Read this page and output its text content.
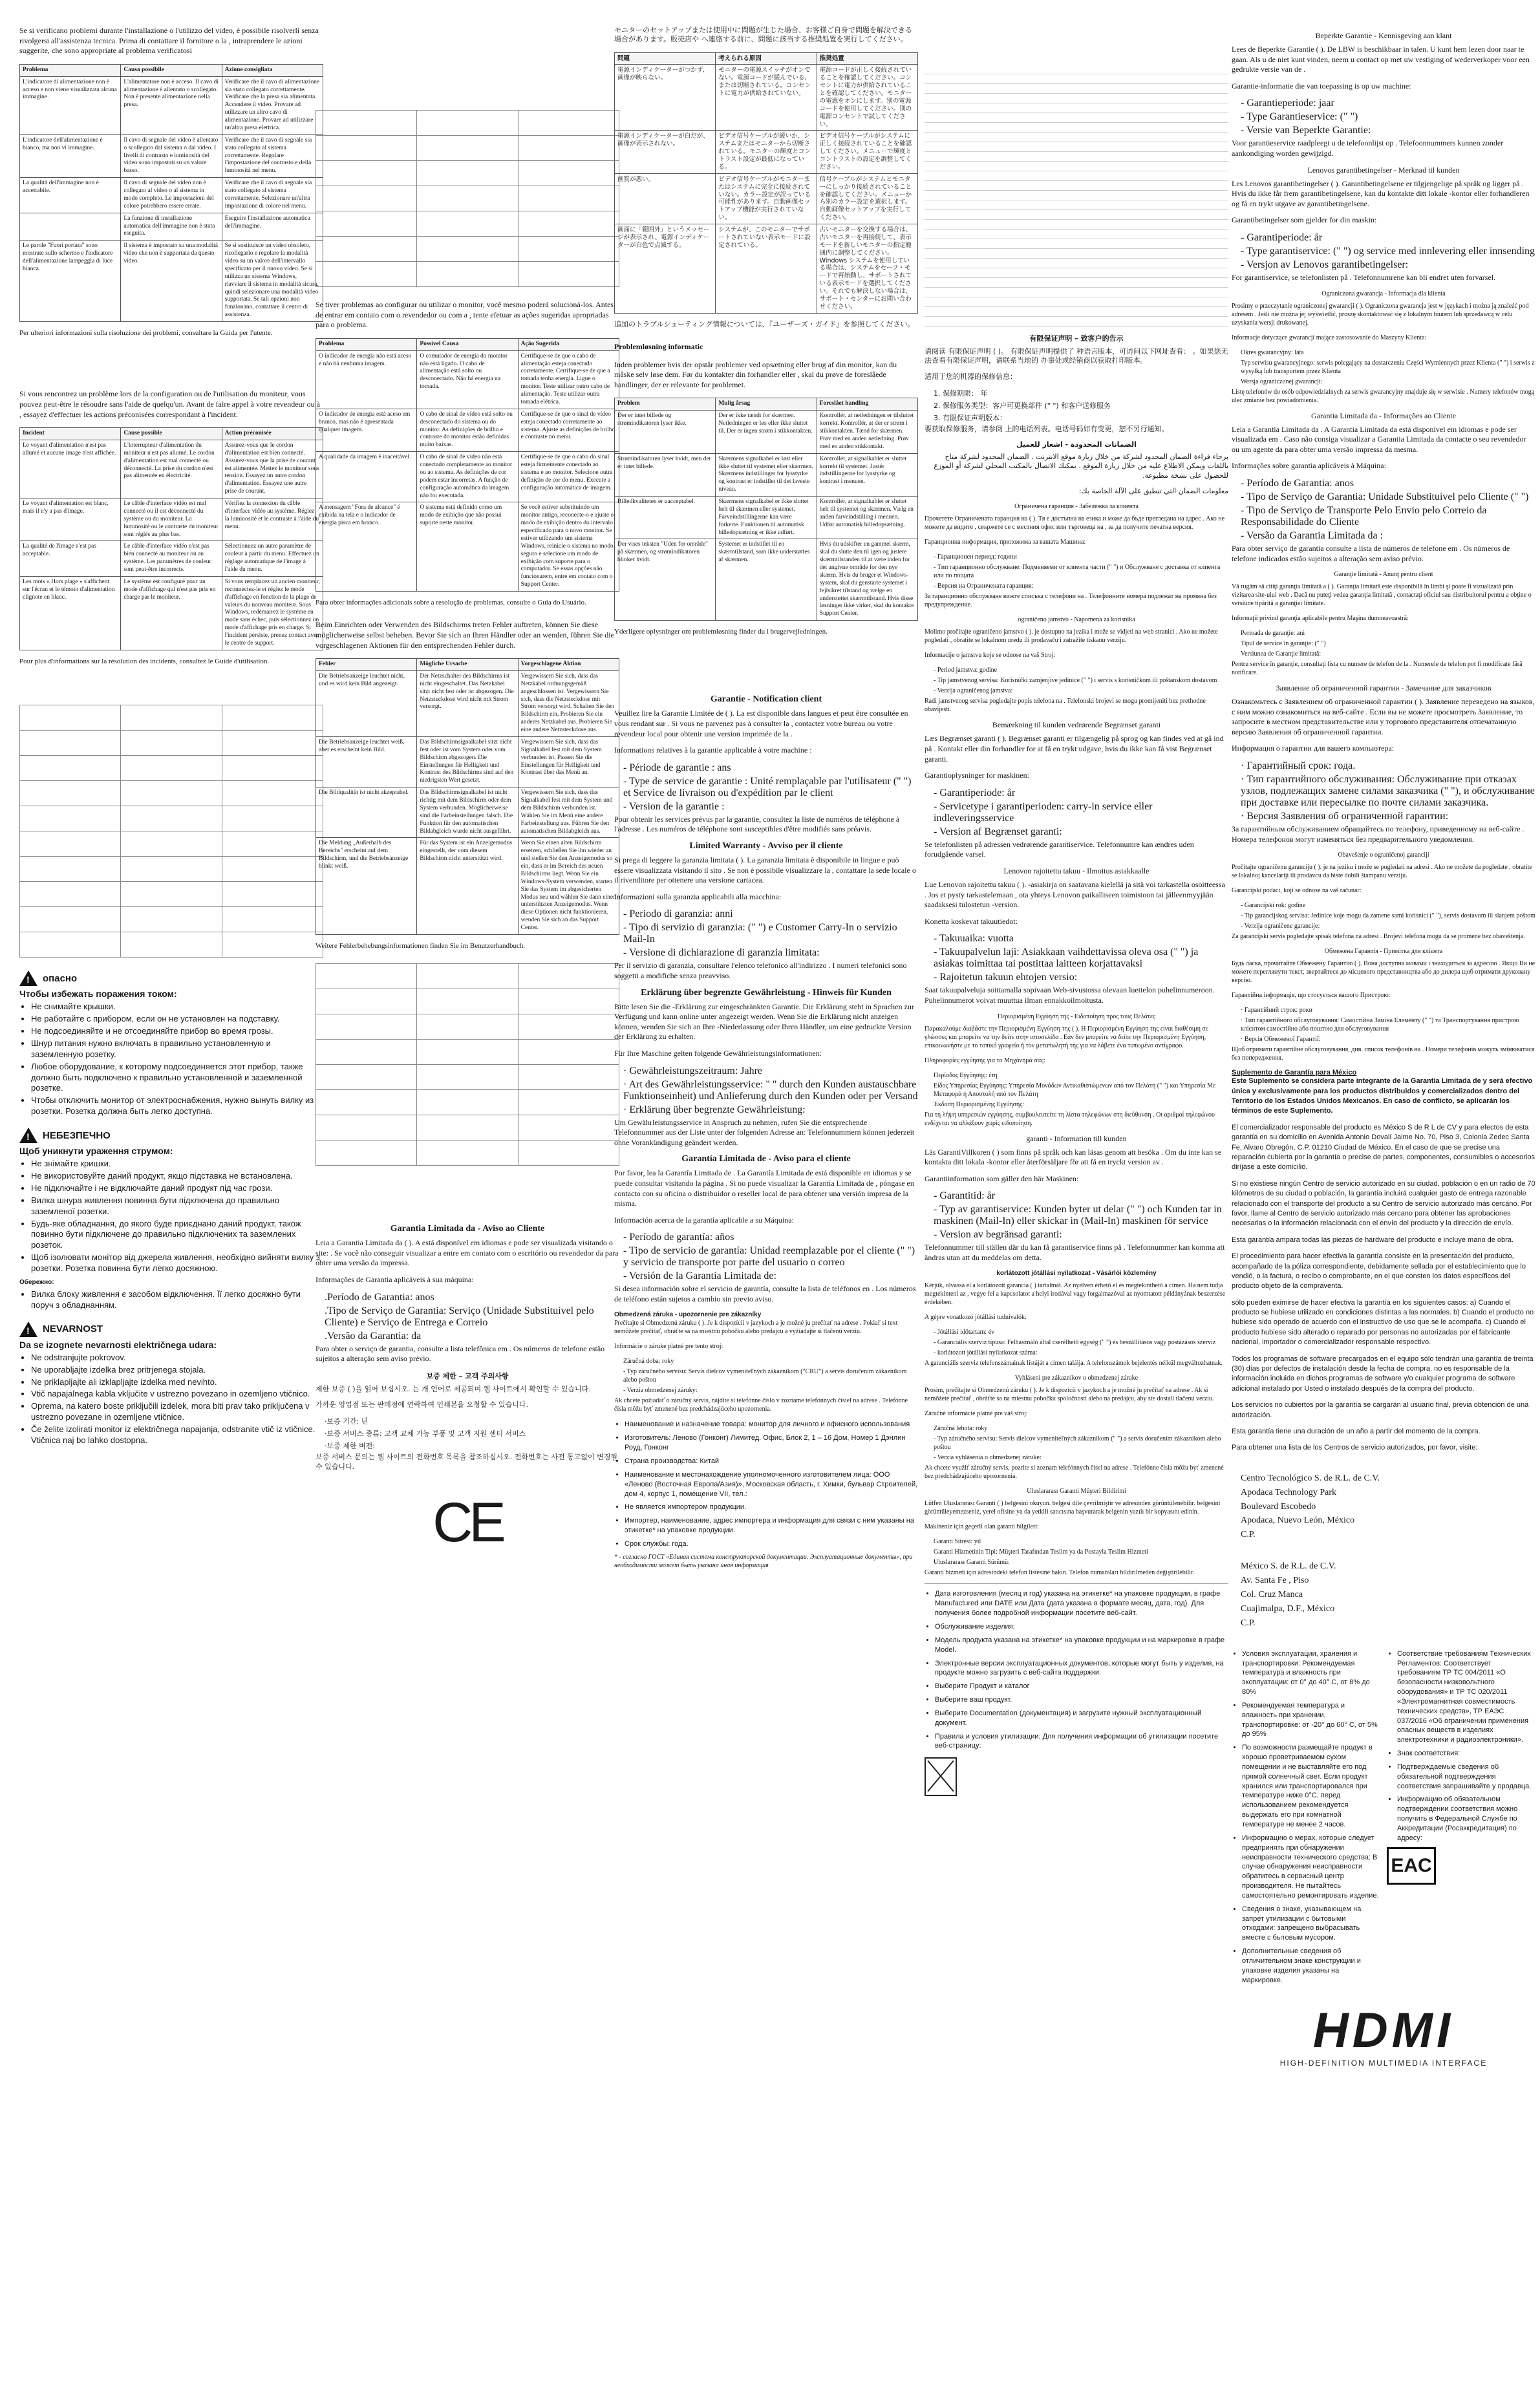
Se si verificano problemi durante l'installazione o l'utilizzo del video, è possibile risolverli senza rivolgersi all'assistenza tecnica. Prima di contattare il fornitore o la , intraprendere le azioni suggerite, che sono appropriate al problema verificatosi

Problema	Causa possibile	Azione consigliata
L'indicatore di alimentazione non è acceso e non viene visualizzata alcuna immagine.	L'alimentatore non è acceso. Il cavo di alimentazione è allentato o scollegato. Non è presente alimentazione nella presa.	Verificare che il cavo di alimentazione sia stato collegato correttamente. Verificare che la presa sia alimentata. Accendere il video. Provare ad utilizzare un altro cavo di alimentazione. Provare ad utilizzare un'altra presa elettrica.
L'indicatore dell'alimentazione è bianco, ma non vi immagine.	Il cavo di segnale del video è allentato o scollegato dal sistema o dal video. I livelli di contrasto e luminosità del video sono impostati su un valore basso.	Verificare che il cavo di segnale sia stato collegato al sistema correttamente. Regolare l'impostazione del contrasto e della luminosità nel menu.
La qualità dell'immagine non è accettabile.	Il cavo di segnale del video non è collegato al video o al sistema in modo completo. Le impostazioni del colore potrebbero essere errate.	Verificare che il cavo di segnale sia stato collegato al sistema correttamente. Selezionare un'altra impostazione di colore nel menu.
	La funzione di installazione automatica dell'immagine non è stata eseguita.	Eseguire l'installazione automatica dell'immagine.
Le parole "Fuori portata" sono mostrate sullo schermo e l'indicatore dell'alimentazione lampeggia di luce bianca.	Il sistema è impostato su una modalità video che non è supportata da questo video.	Se si sostituisce un video obsoleto, ricollegarlo e regolare la modalità video su un valore dell'intervallo specificato per il nuovo video. Se si utilizza un sistema Windows, riavviare il sistema in modalità sicura, quindi selezionare una modalità video supportata. Se tali opzioni non funzionano, contattare il centro di assistenza.

Per ulteriori informazioni sulla risoluzione dei problemi, consultare la Guida per l'utente.

Si vous rencontrez un problème lors de la configuration ou de l'utilisation du moniteur, vous pouvez peut-être le résoudre sans l'aide de quelqu'un. Avant de faire appel à votre revendeur ou à , essayez d'effectuer les actions préconisées correspondant à l'incident.

Incident	Cause possible	Action préconisée
Le voyant d'alimentation n'est pas allumé et aucune image n'est affichée.	L'interrupteur d'alimentation du moniteur n'est pas allumé. Le cordon d'alimentation est mal connecté ou déconnecté. La prise du cordon n'est pas alimentée en électricité.	Assurez-vous que le cordon d'alimentation est bien connecté. Assurez-vous que la prise de courant est alimentée. Mettez le moniteur sous tension. Essayez un autre cordon d'alimentation. Essayez une autre prise de courant.
Le voyant d'alimentation est blanc, mais il n'y a pas d'image.	Le câble d'interface vidéo est mal connecté ou il est déconnecté du système ou du moniteur. La luminosité ou le contraste du moniteur sont réglés au plus bas.	Vérifiez la connexion du câble d'interface vidéo au système. Réglez la luminosité et le contraste à l'aide du menu.
La qualité de l'image n'est pas acceptable.	Le câble d'interface vidéo n'est pas bien connecté au moniteur ou au système. Les paramètres de couleur sont peut-être incorrects.	Sélectionnez un autre paramètre de couleur à partir du menu. Effectuez un réglage automatique de l'image à l'aide du menu.
Les mots « Hors plage » s'affichent sur l'écran et le témoin d'alimentation clignote en blanc.	Le système est configuré pour un mode d'affichage qui n'est pas pris en charge par le moniteur.	Si vous remplacez un ancien moniteur, reconnectez-le et réglez le mode d'affichage en fonction de la plage de valeurs du nouveau moniteur. Sous Windows, redémarrez le système en mode sans échec, puis sélectionnez un mode d'affichage pris en charge. Si l'incident persiste, prenez contact avec le centre de support.

Pour plus d'informations sur la résolution des incidents, consultez le Guide d'utilisation.

! опасно
Чтобы избежать поражения током:
• Не снимайте крышки.
• Не работайте с прибором, если он не установлен на подставку.
• Не подсоединяйте и не отсоединяйте прибор во время грозы.
• Шнур питания нужно включать в правильно установленную и заземленную розетку.
• Любое оборудование, к которому подсоединяется этот прибор, также должно быть подключено к правильно установленной и заземленной розетке.
• Чтобы отключить монитор от электроснабжения, нужно вынуть вилку из розетки. Розетка должна быть легко доступна.
! НЕБЕЗПЕЧНО
Щоб уникнути ураження струмом:
• Не знімайте кришки.
• Не використовуйте даний продукт, якщо підставка не встановлена.
• Не підключайте і не відключайте даний продукт під час грози.
• Вилка шнура живлення повинна бути підключена до правильно заземленої розетки.
• Будь-яке обладнання, до якого буде приєднано даний продукт, також повинно бути підключене до правильно підключених та заземлених розеток.
• Щоб ізолювати монітор від джерела живлення, необхідно вийняти вилку з розетки. Розетка повинна бути легко досяжною.
Обережно:
• Вилка блоку живлення є засобом відключення. Її легко досяжно бути поруч з обладнанням.
! NEVARNOST
Da se izognete nevarnosti električnega udara:
• Ne odstranjujte pokrovov.
• Ne uporabljajte izdelka brez pritrjenega stojala.
• Ne priklapljajte ali izklapljajte izdelka med nevihto.
• Vtič napajalnega kabla vključite v ustrezno povezano in ozemljeno vtičnico.
• Oprema, na katero boste priključili izdelek, mora biti prav tako priključena v ustrezno povezane in ozemljene vtičnice.
• Če želite izolirati monitor iz električnega napajanja, odstranite vtič iz vtičnice. Vtičnica naj bo lahko dostopna.

Se tiver problemas ao configurar ou utilizar o monitor, você mesmo poderá solucioná-los. Antes de entrar em contato com o revendedor ou com a , tente efetuar as ações sugeridas apropriadas para o problema.

Problema	Possível Causa	Ação Sugerida
O indicador de energia não está aceso e não há nenhuma imagem.	O comutador de energia do monitor não está ligado. O cabo de alimentação está solto ou desconectado. Não há energia na tomada.	Certifique-se de que o cabo de alimentação esteja conectado corretamente. Certifique-se de que a tomada tenha energia. Ligue o monitor. Teste utilizar outro cabo de alimentação. Teste utilizar outra tomada elétrica.
O indicador de energia está aceso em branco, mas não é apresentada qualquer imagem.	O cabo de sinal de vídeo está solto ou desconectado do sistema ou do monitor. As definições de brilho e contraste do monitor estão definidas muito baixas.	Certifique-se de que o sinal de vídeo esteja conectado corretamente ao sistema. Ajuste as definições de brilho e contraste no menu.
A qualidade da imagem é inaceitável.	O cabo de sinal de vídeo não está conectado completamente ao monitor ou ao sistema. As definições de cor podem estar incorretas. A função de configuração automática da imagem não foi executada.	Certifique-se de que o cabo do sinal esteja firmemente conectado ao sistema e ao monitor. Selecione outra definição de cor do menu. Execute a configuração automática de imagem.
A mensagem "Fora de alcance" é exibida na tela e o indicador de energia pisca em branco.	O sistema está definido como um modo de exibição que não possui suporte neste monitor.	Se você estiver substituindo um monitor antigo, reconecte-o e ajuste o modo de exibição dentro do intervalo especificado para o novo monitor. Se estiver utilizando um sistema Windows, reinicie o sistema no modo seguro e selecione um modo de exibição com suporte para o computador. Se essas opções não funcionarem, entre em contato com o Support Center.

Para obter informações adicionais sobre a resolução de problemas, consulte o Guia do Usuário.

Beim Einrichten oder Verwenden des Bildschirms treten Fehler auftreten, können Sie diese möglicherweise selbst beheben. Bevor Sie sich an Ihren Händler oder an wenden, führen Sie die vorgeschlagenen Aktionen für den entsprechenden Fehler durch.

Fehler	Mögliche Ursache	Vorgeschlagene Aktion
Die Betriebsanzeige leuchtet nicht, und es wird kein Bild angezeigt.	Der Netzschalter des Bildschirms ist nicht eingeschaltet. Das Netzkabel sitzt nicht fest oder ist abgezogen. Die Netzsteckdose wird nicht mit Strom versorgt.	Vergewissern Sie sich, dass das Netzkabel ordnungsgemäß angeschlossen ist. Vergewissern Sie sich, dass die Netzsteckdose mit Strom versorgt wird. Schalten Sie den Bildschirm ein. Probieren Sie ein anderes Netzkabel aus. Probieren Sie eine andere Netzsteckdose aus.
Die Betriebsanzeige leuchtet weiß, aber es erscheint kein Bild.	Das Bildschirmsignalkabel sitzt nicht fest oder ist vom System oder vom Bildschirm abgezogen. Die Einstellungen für Helligkeit und Kontrast des Bildschirms sind auf den niedrigsten Wert gesetzt.	Vergewissern Sie sich, dass das Signalkabel fest mit dem System verbunden ist. Passen Sie die Einstellungen für Helligkeit und Kontrast über das Menü an.
Die Bildqualität ist nicht akzeptabel.	Das Bildschirmsignalkabel ist nicht richtig mit dem Bildschirm oder dem System verbunden. Möglicherweise sind die Farbeinstellungen falsch. Die Funktion für den automatischen Bildabgleich wurde nicht ausgeführt.	Vergewissern Sie sich, dass das Signalkabel fest mit dem System und dem Bildschirm verbunden ist. Wählen Sie im Menü eine andere Farbeinstellung aus. Führen Sie den automatischen Bildabgleich aus.
Die Meldung „Außerhalb des Bereichs" erscheint auf dem Bildschirm, und die Betriebsanzeige blinkt weiß.	Für das System ist ein Anzeigemodus eingestellt, der vom diesem Bildschirm nicht unterstützt wird.	Wenn Sie einen alten Bildschirm ersetzen, schließen Sie ihn wieder an und stellen Sie den Anzeigemodus so ein, dass er im Bereich des neuen Bildschirms liegt. Wenn Sie ein Windows-System verwenden, starten Sie das System im abgesicherten Modus neu und wählen Sie dann einen unterstützten Anzeigemodus. Wenn diese Optionen nicht funktionieren, wenden Sie sich an das Support Center.

Weitere Fehlerbehebungsinformationen finden Sie im Benutzerhandbuch.

Garantia Limitada da - Aviso ao Cliente

Leia a Garantia Limitada da ( ). A está disponível em idiomas e pode ser visualizada visitando o site: . Se você não conseguir visualizar a entre em contato com o escritório ou revendedor da para obter uma versão da impressa.

Informações de Garantia aplicáveis à sua máquina:

.Período de Garantia: anos
.Tipo de Serviço de Garantia: Serviço (Unidade Substituível pelo Cliente) e Serviço de Entrega e Correio
.Versão da Garantia: da

Para obter o serviço de garantia, consulte a lista telefônica em . Os números de telefone estão sujeitos a alteração sem aviso prévio.

보증 제한 – 고객 주의사항

제한 보증 ( )을 읽어 보십시오. 는 개 언어로 제공되며 웹 사이트에서 확인할 수 있습니다.

가까운 영업점 또는 판매점에 연락하여 인쇄본을 요청할 수 있습니다.

·보증 기간: 년
·보증 서비스 종류: 고객 교체 가능 부품 및 고객 지원 센터 서비스
·보증 제한 버전:

보증 서비스 문의는 웹 사이트의 전화번호 목록을 참조하십시오. 전화번호는 사전 통고없이 변경될 수 있습니다.

CE

モニターのセットアップまたは使用中に問題が生じた場合、お客様ご自身で問題を解決できる場合があります。販売店や へ連絡する前に、問題に該当する推奨処置を実行してください。

問題	考えられる原因	推奨処置
電源インディケーターがつかず、画像が映らない。	モニターの電源スイッチがオンでない。電源コードが緩んでいる、または切断されている。コンセントに電力が供給されていない。	電源コードが正しく接続されていることを確認してください。コンセントに電力が供給されていることを確認してください。モニターの電源をオンにします。別の電源コードを使用してください。別の電源コンセントで試してください。
電源インディケーターが白だが、画像が表示されない。	ビデオ信号ケーブルが緩いか、システムまたはモニターから切断されている。モニターの輝度とコントラスト設定が最低になっている。	ビデオ信号ケーブルがシステムに正しく接続されていることを確認してください。メニューで輝度とコントラストの設定を調整してください。
画質が悪い。	ビデオ信号ケーブルがモニターまたはシステムに完全に接続されていない。カラー設定が誤っている可能性があります。自動画像セットアップ機能が実行されていない。	信号ケーブルがシステムとモニターにしっかり接続されていることを確認してください。メニューから別のカラー設定を選択します。自動画像セットアップを実行してください。
画面に「範囲外」というメッセージが表示され、電源インディケーターが白色で点滅する。	システムが、このモニターでサポートされていない表示モードに設定されている。	古いモニターを交換する場合は、古いモニターを再接続して、表示モードを新しいモニターの指定範囲内に調整してください。Windows システムを使用している場合は、システムをセーフ・モードで再始動し、サポートされている表示モードを選択してください。それでも解決しない場合は、サポート・センターにお問い合わせください。

追加のトラブルシューティング情報については、『ユーザーズ・ガイド』を参照してください。

Problemløsning informatic

Inden problemer hvis der opstår problemer ved opsætning eller brug af din monitor, kan du måske selv løse dem. Før du kontakter din forhandler eller , skal du prøve de foreslåede handlinger, der er relevante for problemet.

Problem	Mulig årsag	Foreslået handling
Der er intet billede og strømindikatoren lyser ikke.	Der er ikke tændt for skærmen. Netledningen er løs eller ikke sluttet til. Der er ingen strøm i stikkontakten.	Kontrollér, at netledningen er tilsluttet korrekt. Kontrollér, at der er strøm i stikkontakten. Tænd for skærmen. Prøv med en anden netledning. Prøv med en anden stikkontakt.
Strømindikatoren lyser hvidt, men der er intet billede.	Skærmens signalkabel er løst eller ikke sluttet til systemet eller skærmen. Skærmens indstillinger for lysstyrke og kontrast er indstillet til det laveste niveau.	Kontrollér, at signalkablet er sluttet korrekt til systemet. Justér indstillingerne for lysstyrke og kontrast i menuen.
Billedkvaliteten er uacceptabel.	Skærmens signalkabel er ikke sluttet helt til skærmen eller systemet. Farveindstillingerne kan være forkerte. Funktionen til automatisk billedopsætning er ikke udført.	Kontrollér, at signalkablet er sluttet helt til systemet og skærmen. Vælg en anden farveindstilling i menuen. Udfør automatisk billedopsætning.
Der vises teksten "Uden for område" på skærmen, og strømindikatoren blinker hvidt.	Systemet er indstillet til en skærmtilstand, som ikke understøttes af skærmen.	Hvis du udskifter en gammel skærm, skal du slutte den til igen og justere skærmtilstanden til at være inden for det angivne område for den nye skærm. Hvis du bruger et Windows-system, skal du genstarte systemet i fejlsikret tilstand og vælge en understøttet skærmtilstand. Hvis disse løsninger ikke virker, skal du kontakte Support Center.

Yderligere oplysninger om problemløsning finder du i brugervejledningen.

Garantie - Notification client

Veuillez lire la Garantie Limitée de ( ). La est disponible dans langues et peut être consultée en vous rendant sur . Si vous ne parvenez pas à consulter la , contactez votre bureau ou votre revendeur local pour obtenir une version imprimée de la .

Informations relatives à la garantie applicable à votre machine :

- Période de garantie : ans
- Type de service de garantie : Unité remplaçable par l'utilisateur (" ") et Service de livraison ou d'expédition par le client
- Version de la garantie :

Pour obtenir les services prévus par la garantie, consultez la liste de numéros de téléphone à l'adresse . Les numéros de téléphone sont susceptibles d'être modifiés sans préavis.

Limited Warranty - Avviso per il cliente

Si prega di leggere la garanzia limitata ( ). La garanzia limitata è disponibile in lingue e può essere visualizzata visitando il sito . Se non è possibile visualizzare la , contattare la sede locale o il rivenditore per ottenere una versione cartacea.

Informazioni sulla garanzia applicabili alla macchina:

- Periodo di garanzia: anni
- Tipo di servizio di garanzia: (" ") e Customer Carry-In o servizio Mail-In
- Versione di dichiarazione di garanzia limitata:

Per il servizio di garanzia, consultare l'elenco telefonico all'indirizzo . I numeri telefonici sono soggetti a modifiche senza preavviso.

Erklärung über begrenzte Gewährleistung - Hinweis für Kunden

Bitte lesen Sie die -Erklärung zur eingeschränkten Garantie. Die Erklärung steht in Sprachen zur Verfügung und kann online unter angezeigt werden. Wenn Sie die Erklärung nicht anzeigen können, wenden Sie sich an Ihre -Niederlassung oder Ihren Händler, um eine gedruckte Version der Erklärung zu erhalten.

Für Ihre Maschine gelten folgende Gewährleistungsinformationen:

· Gewährleistungszeitraum: Jahre
· Art des Gewährleistungsservice: " " durch den Kunden austauschbare Funktionseinheit) und Anlieferung durch den Kunden oder per Versand
· Erklärung über begrenzte Gewährleistung:

Um Gewährleistungsservice in Anspruch zu nehmen, rufen Sie die entsprechende Telefonnummer aus der Liste unter der folgenden Adresse an: Telefonnummern können jederzeit ohne Vorankündigung geändert werden.

Garantía Limitada de - Aviso para el cliente

Por favor, lea la Garantía Limitada de . La Garantía Limitada de está disponible en idiomas y se puede consultar visitando la página . Si no puede visualizar la Garantía Limitada de , póngase en contacto con su oficina o distribuidor o reseller local de para obtener una versión impresa de la misma.

Información acerca de la garantía aplicable a su Máquina:

- Período de garantía: años
- Tipo de servicio de garantía: Unidad reemplazable por el cliente (" ") y servicio de transporte por parte del usuario o correo
- Versión de la Garantía Limitada de:

Si desea información sobre el servicio de garantía, consulte la lista de teléfonos en . Los números de teléfono están sujetos a cambio sin previo aviso.

Obmedzená záruka - upozornenie pre zákazníky

Prečítajte si Obmedzenú záruku ( ). Je k dispozícii v jazykoch a je možné ju prečítať na adrese . Pokiaľ si text nemôžete prečítať, obráťte sa na miestnu pobočku alebo predajcu a vyžiadajte si tlačenú verziu.

Informácie o záruke platné pre tento stroj:

Záručná doba: roky
- Typ záručného servisu: Servis dielcov vymeniteľných zákazníkom ("CRU") a servis doručením zákazníkom alebo poštou
- Verzia obmedzenej záruky:

Ak chcete požiadať o záručný servis, nájdite si telefónne číslo v zozname telefónnych čísiel na adrese . Telefónne čísla môžu byť zmenené bez predchádzajúceho upozornenia.

• Наименование и назначение товара: монитор для личного и офисного использования
• Изготовитель: Леново (Гонконг) Лимитед. Офис, Блок 2, 1 – 16 Дом, Номер 1 Дэнлин Роуд, Гонконг
• Страна производства: Китай
• Наименование и местонахождение уполномоченного изготовителем лица: ООО «Леново (Восточная Европа/Азия)», Московская область, г. Химки, бульвар Строителей, дом 4, корпус 1, помещение VII, тел.:
• Не является импортером продукции.
• Импортер, наименование, адрес импортера и информация для связи с ним указаны на этикетке* на упаковке продукции.
• Срок службы: года.

* - согласно ГОСТ «Единая система конструкторской документации. Эксплуатационные документы», при необходимости может быть указана иная информация

有限保证声明 – 致客户的告示

请阅读 有限保证声明 ( )。 有限保证声明提供了 种语言版本，可访问以下网址查看： 。如果您无法查看有限保证声明，请联系当地的 办事处或经销商以获取打印版本。

适用于您的机器的保修信息：

1. 保修期限： 年
2. 保修服务类型：客户可更换部件 (" ") 和客户送修服务
3. 有限保证声明版本：

要获取保修服务，请参阅 上的电话列表。电话号码如有变更，恕不另行通知。

الضمانات المحدودة - اشعار للعميل

برجاء قراءة الضمان المحدود لشركة من خلال زيارة موقع الانترنت . الضمان المحدود لشركة متاح باللغات ويمكن الاطلاع عليه من خلال زيارة الموقع . يمكنك الاتصال بالمكتب المحلي لشركة أو الموزع للحصول على نسخة مطبوعة.

معلومات الضمان التي تنطبق على الآلة الخاصة بك:

Ограничена гаранция - Забележка за клиента

Прочетете Ограничената гаранция на ( ). Тя е достъпна на езика и може да бъде прегледана на адрес . Ако не можете да видите , свържете се с местния офис или търговеца на , за да получите печатна версия.

Гаранционна информация, приложима за вашата Машина:

- Гаранционен период: години
- Тип гаранционно обслужване: Подменяеми от клиента части (" ") и Обслужване с доставка от клиента или по пощата
- Версия на Ограничената гаранция:

За гаранционно обслужване вижте списъка с телефони на . Телефонните номера подлежат на промяна без предупреждение.

ograničeno jamstvo - Napomena za korisnika

Molimo pročitajte ograničeno jamstvo ( ). je dostupno na jezika i može se vidjeti na web stranici . Ako ne možete pogledati , obratite se lokalnom uredu ili prodavaču i zatražite tiskanu verziju.

Informacije o jamstvu koje se odnose na vaš Stroj:

- Period jamstva: godine
- Tip jamstvenog servisa: Korisnički zamjenjive jedinice (" ") i servis s korisničkom ili poštanskom dostavom
- Verzija ograničenog jamstva:

Radi jamstvenog servisa pogledajte popis telefona na . Telefonski brojevi se mogu promijeniti bez prethodne obavijesti.

Bemærkning til kunden vedrørende Begrænset garanti

Læs Begrænset garanti ( ). Begrænset garanti er tilgængelig på sprog og kan findes ved at gå ind på . Kontakt eller din forhandler for at få en trykt udgave, hvis du ikke kan få vist Begrænset garanti.

Garantioplysninger for maskinen:

- Garantiperiode: år
- Servicetype i garantiperioden: carry-in service eller indleveringsservice
- Version af Begrænset garanti:

Se telefonlisten på adressen vedrørende garantiservice. Telefonnumre kan ændres uden forudgående varsel.

Lenovon rajoitettu takuu - Ilmoitus asiakkaalle

Lue Lenovon rajoitettu takuu ( ). -asiakirja on saatavana kielellä ja sitä voi tarkastella osoitteessa . Jos et pysty tarkastelemaan , ota yhteys Lenovon paikalliseen toimistoon tai jälleenmyyjään saadaksesi tulostetun -version.

Konetta koskevat takuutiedot:

- Takuuaika: vuotta
- Takuupalvelun laji: Asiakkaan vaihdettavissa oleva osa (" ") ja asiakas toimittaa tai postittaa laitteen korjattavaksi
- Rajoitetun takuun ehtojen versio:

Saat takuupalveluja soittamalla sopivaan Web-sivustossa olevaan luettelon puhelinnumeroon. Puhelinnumerot voivat muuttua ilman ennakkoilmoitusta.

Περιορισμένη Εγγύηση της - Ειδοποίηση προς τους Πελάτες

Παρακαλούμε διαβάστε την Περιορισμένη Εγγύηση της ( ). Η Περιορισμένη Εγγύηση της είναι διαθέσιμη σε γλώσσες και μπορείτε να την δείτε στην ιστοσελίδα . Εάν δεν μπορείτε να δείτε την Περιορισμένη Εγγύηση, επικοινωνήστε με το τοπικό γραφείο ή τον μεταπωλητή της για να λάβετε ένα τυπωμένο αντίγραφο.

Πληροφορίες εγγύησης για το Μηχάνημά σας:

Περίοδος Εγγύησης: έτη
Είδος Υπηρεσίας Εγγύησης: Υπηρεσία Μονάδων Αντικαθιστώμενων από τον Πελάτη (" ") και Υπηρεσία Με Μεταφορά ή Αποστολή από τον Πελάτη
Έκδοση Περιορισμένης Εγγύησης:

Για τη λήψη υπηρεσιών εγγύησης, συμβουλευτείτε τη λίστα τηλεφώνων στη διεύθυνση . Οι αριθμοί τηλεφώνου ενδέχεται να αλλάξουν χωρίς ειδοποίηση.

garanti - Information till kunden

Läs GarantiVillkoren ( ) som finns på språk och kan läsas genom att besöka . Om du inte kan se kontakta ditt lokala -kontor eller återförsäljare för att få en tryckt version av .

Garantiinformation som gäller den här Maskinen:

- Garantitid: år
- Typ av garantiservice: Kunden byter ut delar (" ") och Kunden tar in maskinen (Mail-In) eller skickar in (Mail-In) maskinen för service
- Version av begränsad garanti:

Telefonnummer till ställen där du kan få garantiservice finns på . Telefonnummer kan komma att ändras utan att du meddelas om detta.

korlátozott jótállási nyilatkozat - Vásárlói közlemény

Kérjük, olvassa el a korlátozott garancia ( ) tartalmát. Az nyelven érhető el és megtekinthető a címen. Ha nem tudja megtekinteni az , vegye fel a kapcsolatot a helyi irodával vagy forgalmazóval az nyomtatott példányának beszerzése érdekében.

A gépre vonatkozó jótállási tudnivalók:

- Jótállási időtartam: év
- Garanciális szerviz típusa: Felhasználó által cserélhető egység (" ") és beszállításos vagy postázásos szerviz
- korlátozott jótállási nyilatkozat száma:

A garanciális szerviz telefonszámainak listáját a címen találja. A telefonszámok bejelentés nélkül megváltozhatnak.

Vyhlásení pre zákazníkov o obmedzenej záruke

Prosím, prečítajte si Obmedzenú záruku ( ). Je k dispozícii v jazykoch a je možné ju prečítať na adrese . Ak si nemôžete prečítať , obráťte sa na miestnu pobočku spoločnosti alebo na predajcu, aby ste dostali tlačenú verziu.

Záručné informácie platné pre váš stroj:

Záručná lehota: roky
- Typ záručného servisu: Servis dielcov vymeniteľných zákazníkom (" ") a servis doručením zákazníkom alebo poštou
- Verzia vyhlásenia o obmedzenej záruke:

Ak chcete využiť záručný servis, pozrite si zoznam telefónnych čísel na adrese . Telefónne čísla môžu byť zmenené bez predchádzajúceho upozornenia.

Uluslararası Garanti Müşteri Bildirimi

Lütfen Uluslararası Garanti ( ) belgesini okuyun. belgesi dile çevrilmiştir ve adresinden görüntülenebilir. belgesini görüntüleyemezseniz, yerel ofisine ya da yetkili satıcısına başvurarak belgenin yazılı bir kopyasını edinin.

Makineniz için geçerli olan garanti bilgileri:

Garanti Süresi: yıl
Garanti Hizmetinin Tipi: Müşteri Tarafından Teslim ya da Postayla Teslim Hizmeti
Uluslararası Garanti Sürümü:

Garanti hizmeti için adresindeki telefon listesine bakın. Telefon numaraları bildirilmeden değiştirilebilir.

• Дата изготовления (месяц и год) указана на этикетке* на упаковке продукции, в графе Manufactured или DATE или Дата (дата указана в формате месяц, дата, год). Для получения более подробной информации посетите веб-сайт.
• Обслуживание изделия:
• Модель продукта указана на этикетке* на упаковке продукции и на маркировке в графе Model.
• Электронные версии эксплуатационных документов, которые могут быть у изделия, на продукте можно загрузить с веб-сайта поддержки:
• Выберите Продукт и каталог
• Выберите ваш продукт.
• Выберите Documentation (документация) и загрузите нужный эксплуатационный документ.
• Правила и условия утилизации: Для получения информации об утилизации посетите веб-страницу:
Beperkte Garantie - Kennisgeving aan klant

Lees de Beperkte Garantie ( ). De LBW is beschikbaar in talen. U kunt hem lezen door naar te gaan. Als u de niet kunt vinden, neem u contact op met uw vestiging of wederverkoper voor een gedrukte versie van de .

Garantie-informatie die van toepassing is op uw machine:

- Garantieperiode: jaar
- Type Garantieservice: (" ")
- Versie van Beperkte Garantie:

Voor garantieservice raadpleegt u de telefoonlijst op . Telefoonnummers kunnen zonder aankondiging worden gewijzigd.

Lenovos garantibetingelser - Merknad til kunden

Les Lenovos garantibetingelser ( ). Garantibetingelsene er tilgjengelige på språk og ligger på . Hvis du ikke får frem garantibetingelsene, kan du kontakte ditt lokale -kontor eller forhandleren og få en trykt utgave av garantibetingelsene.

Garantibetingelser som gjelder for din maskin:

- Garantiperiode: år
- Type garantiservice: (" ") og service med innlevering eller innsending
- Versjon av Lenovos garantibetingelser:

For garantiservice, se telefonlisten på . Telefonnumrene kan bli endret uten forvarsel.

Ograniczona gwarancja - Informacja dla klienta

Prosimy o przeczytanie ograniczonej gwarancji ( ). Ograniczona gwarancja jest w językach i można ją znaleźć pod adresem . Jeśli nie można jej wyświetlić, proszę skontaktować się z lokalnym biurem lub sprzedawcą w celu uzyskania wersji drukowanej.

Informacje dotyczące gwarancji mające zastosowanie do Maszyny Klienta:

Okres gwarancyjny: lata
Typ serwisu gwarancyjnego: serwis polegający na dostarczeniu Części Wymiennych przez Klienta (" ") i serwis z wysyłką lub transportem przez Klienta
Wersja ograniczonej gwarancji:

Listę telefonów do osób odpowiedzialnych za serwis gwarancyjny znajduje się w serwisie . Numery telefonów mogą ulec zmianie bez powiadomienia.

Garantia Limitada da - Informações ao Cliente

Leia a Garantia Limitada da . A Garantia Limitada da está disponível em idiomas e pode ser visualizada em . Caso não consiga visualizar a Garantia Limitada da contacte o seu revendedor ou um agente da para obter uma versão impressa da mesma.

Informações sobre garantia aplicáveis à Máquina:

- Período de Garantia: anos
- Tipo de Serviço de Garantia: Unidade Substituível pelo Cliente (" ")
- Tipo de Serviço de Transporte Pelo Envio pelo Correio da Responsabilidade do Cliente
- Versão da Garantia Limitada da :

Para obter serviço de garantia consulte a lista de números de telefone em . Os números de telefone indicados estão sujeitos a alteração sem aviso prévio.

Garanţie limitată - Anunţ pentru client

Vă rugăm să citiţi garanţia limitată a ( ). Garanţia limitată este disponibilă în limbi şi poate fi vizualizată prin vizitarea site-ului web . Dacă nu puteţi vedea garanţia limitată , contactaţi oficiul sau distribuitorul pentru a obţine o versiune tipărită a garanţiei limitate.

Informaţii privind garanţia aplicabile pentru Maşina dumneavoastră:

Perioada de garanţie: ani
Tipul de service în garanţie: (" ")
Versiunea de Garanţie limitată:

Pentru service în garanţie, consultaţi lista cu numere de telefon de la . Numerele de telefon pot fi modificate fără notificare.

Заявление об ограниченной гарантии - Замечание для заказчиков

Ознакомьтесь с Заявлением об ограниченной гарантии ( ). Заявление переведено на языков, с ним можно ознакомиться на веб-сайте . Если вы не можете просмотреть Заявление, то запросите в местном представительстве или у торгового представителя отпечатанную версию Заявления об ограниченной гарантии.

Информация о гарантии для вашего компьютера:

· Гарантийный срок: года.
· Тип гарантийного обслуживания: Обслуживание при отказах узлов, подлежащих замене силами заказчика (" "), и обслуживание при доставке или пересылке по почте силами заказчика.
· Версия Заявления об ограниченной гарантии:

За гарантийным обслуживанием обращайтесь по телефону, приведенному на веб-сайте . Номера телефонов могут изменяться без предварительного уведомления.

Obavešenje o ograničenoj garanciji

Pročitajte ograničenu garanciju ( ). je na jeziku i može se pogledati na adresi . Ako ne možete da pogledate , obratite se lokalnoj kancelariji ili prodavcu da biste dobili štampanu verziju.

Garancijski podaci, koji se odnose na vaš računar:

- Garancijski rok: godine
- Tip garancijskog servisa: Jedinice koje mogu da zamene sami korisnici (" "), servis dostavom ili slanjem poštom
- Verzija ograničene garancije:

Za garancijski servis pogledajte spisak telefona na adresi . Brojevi telefona mogu da se promene bez obaveštenja.

Обмежена Гарантія - Примітка для клієнта

Будь ласка, прочитайте Обмежену Гарантію ( ). Вона доступна мовами і знаходиться за адресою . Якщо Ви не можете переглянути текст, звертайтеся до місцевого представництва або до дилера щоб отримати друковану версію.

Гарантійна інформація, що стосується вашого Пристрою:

· Гарантійний строк: роки
· Тип гарантійного обслуговування: Самостійна Заміна Елементу (" ") та Транспортування пристрою клієнтом самостійно або поштою для обслуговування
· Версія Обмеженої Гарантії:

Щоб отримати гарантійне обслуговування, див. список телефонів на . Номери телефонів можуть змінюватися без попередження.

Suplemento de Garantía para México

Este Suplemento se considera parte integrante de la Garantía Limitada de y será efectivo única y exclusivamente para los productos distribuidos y comercializados dentro del Territorio de los Estados Unidos Mexicanos. En caso de conflicto, se aplicarán los términos de este Suplemento.

El comercializador responsable del producto es México S de R L de CV y para efectos de esta garantía en su domicilio en Avenida Antonio Dovalí Jaime No. 70, Piso 3, Colonia Zedec Santa Fe, Alvaro Obregón, C.P. 01210 Ciudad de México. En el caso de que se precise una reparación cubierta por la garantía o precise de partes, componentes, consumibles o accesorios diríjase a este domicilio.

Si no existiese ningún Centro de servicio autorizado en su ciudad, población o en un radio de 70 kilómetros de su ciudad o población, la garantía incluirá cualquier gasto de entrega razonable relacionado con el transporte del producto a su Centro de servicio autorizado más cercano. Por favor, llame al Centro de servicio autorizado más cercano para obtener las aprobaciones necesarias o la información relacionada con el envío del producto y la dirección de envío.

Esta garantía ampara todas las piezas de hardware del producto e incluye mano de obra.

El procedimiento para hacer efectiva la garantía consiste en la presentación del producto, acompañado de la póliza correspondiente, debidamente sellada por el establecimiento que lo vendió, o la factura, o recibo o comprobante, en el que consten los datos específicos del producto objeto de la compraventa.

sólo pueden eximirse de hacer efectiva la garantía en los siguientes casos: a) Cuando el producto se hubiese utilizado en condiciones distintas a las normales. b) Cuando el producto no hubiese sido operado de acuerdo con el instructivo de uso que se le acompaña. c) Cuando el producto hubiese sido alterado o reparado por personas no autorizadas por el fabricante nacional, importador o comercializador responsable respectivo.

Todos los programas de software precargados en el equipo sólo tendrán una garantía de treinta (30) días por defectos de instalación desde la fecha de compra. no es responsable de la información incluida en dichos programas de software y/o cualquier programa de software adicional instalado por Usted o instalado después de la compra del producto.

Los servicios no cubiertos por la garantía se cargarán al usuario final, previa obtención de una autorización.

Esta garantía tiene una duración de un año a partir del momento de la compra.

Para obtener una lista de los Centros de servicio autorizados, por favor, visite:

Centro Tecnológico S. de R.L. de C.V.
Apodaca Technology Park
Boulevard Escobedo
Apodaca, Nuevo León, México
C.P.
México S. de R.L. de C.V.
Av. Santa Fe , Piso
Col. Cruz Manca
Cuajimalpa, D.F., México
C.P.
• Условия эксплуатации, хранения и транспортировки: Рекомендуемая температура и влажность при эксплуатации: от 0° до 40° C, от 8% до 80%
• Рекомендуемая температура и влажность при хранении, транспортировке: от -20° до 60° C, от 5% до 95%
• По возможности размещайте продукт в хорошо проветриваемом сухом помещении и не выставляйте его под прямой солнечный свет. Если продукт хранился или транспортировался при температуре ниже 0°С, перед использованием рекомендуется выдержать его при комнатной температуре не менее 2 часов.
• Информацию о мерах, которые следует предпринять при обнаружении неисправности технического средства: В случае обнаружения неисправности обратитесь в сервисный центр производителя. Не пытайтесь самостоятельно ремонтировать изделие.
• Сведения о знаке, указывающем на запрет утилизации с бытовыми отходами: запрещено выбрасывать вместе с бытовым мусором.
• Дополнительные сведения об отличительном знаке конструкции и упаковке изделия указаны на маркировке.
• Соответствие требованиям Технических Регламентов: Соответствует требованиям ТР ТС 004/2011 «О безопасности низковольтного оборудования» и ТР ТС 020/2011 «Электромагнитная совместимость технических средств», ТР ЕАЭС 037/2016 «Об ограничении применения опасных веществ в изделиях электротехники и радиоэлектроники».
• Знак соответствия:
• Подтверждаемые сведения об обязательной подтверждения соответствия запрашивайте у продавца.
• Информацию об обязательном подтверждении соответствия можно получить в Федеральной Службе по Аккредитации (Росаккредитация) по адресу:
EAC
HDMI
HIGH-DEFINITION MULTIMEDIA INTERFACE
